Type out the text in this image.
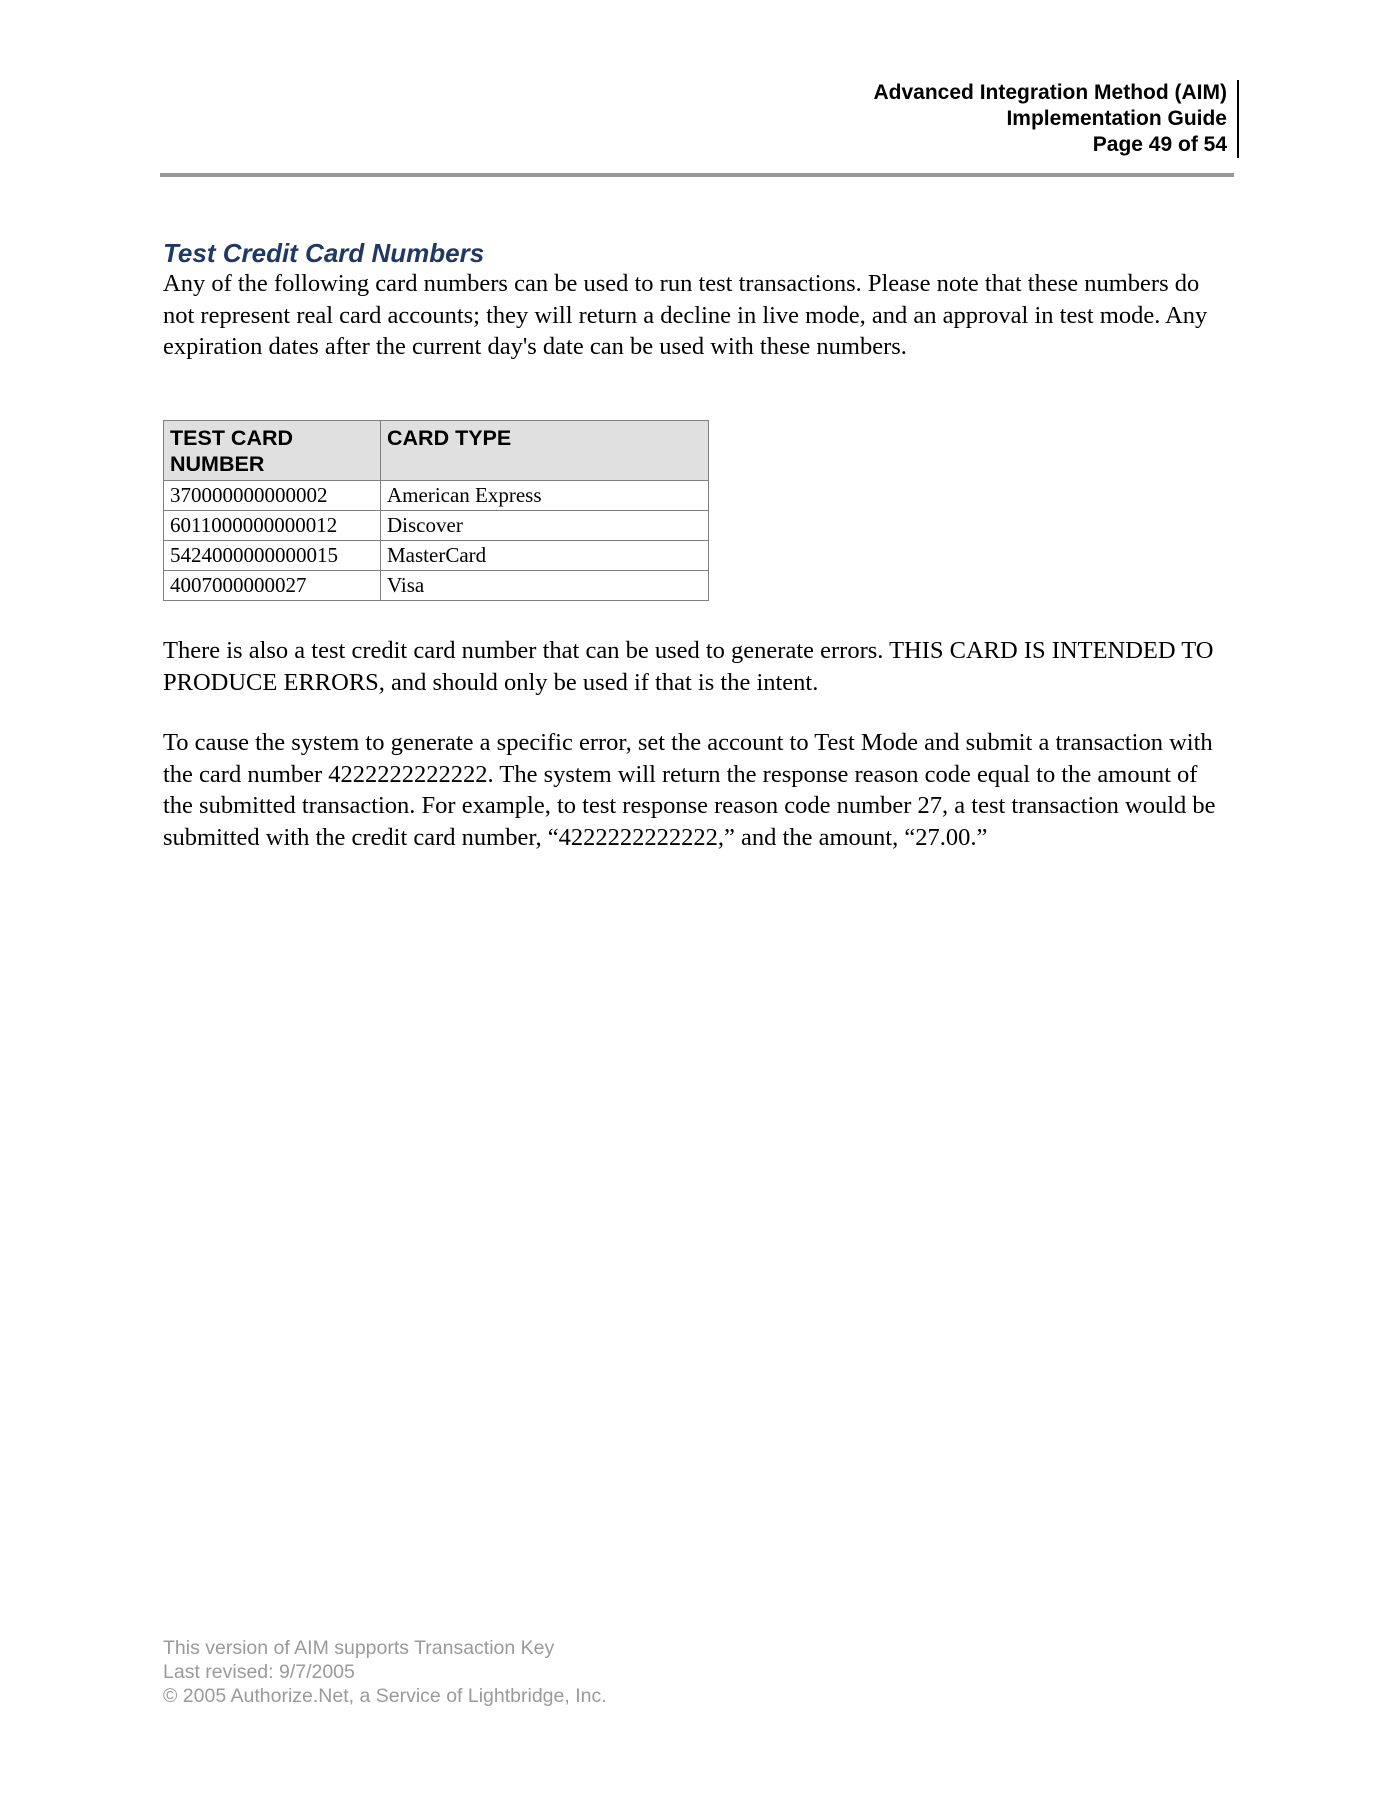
Advanced Integration Method (AIM)
Implementation Guide
Page 49 of 54
Test Credit Card Numbers
Any of the following card numbers can be used to run test transactions. Please note that these numbers do not represent real card accounts; they will return a decline in live mode, and an approval in test mode. Any expiration dates after the current day's date can be used with these numbers.
TEST CARD NUMBER	CARD TYPE
370000000000002	American Express
6011000000000012	Discover
5424000000000015	MasterCard
4007000000027	Visa
There is also a test credit card number that can be used to generate errors. THIS CARD IS INTENDED TO PRODUCE ERRORS, and should only be used if that is the intent.
To cause the system to generate a specific error, set the account to Test Mode and submit a transaction with the card number 4222222222222. The system will return the response reason code equal to the amount of the submitted transaction. For example, to test response reason code number 27, a test transaction would be submitted with the credit card number, “4222222222222,” and the amount, “27.00.”
This version of AIM supports Transaction Key
Last revised: 9/7/2005
© 2005 Authorize.Net, a Service of Lightbridge, Inc.
